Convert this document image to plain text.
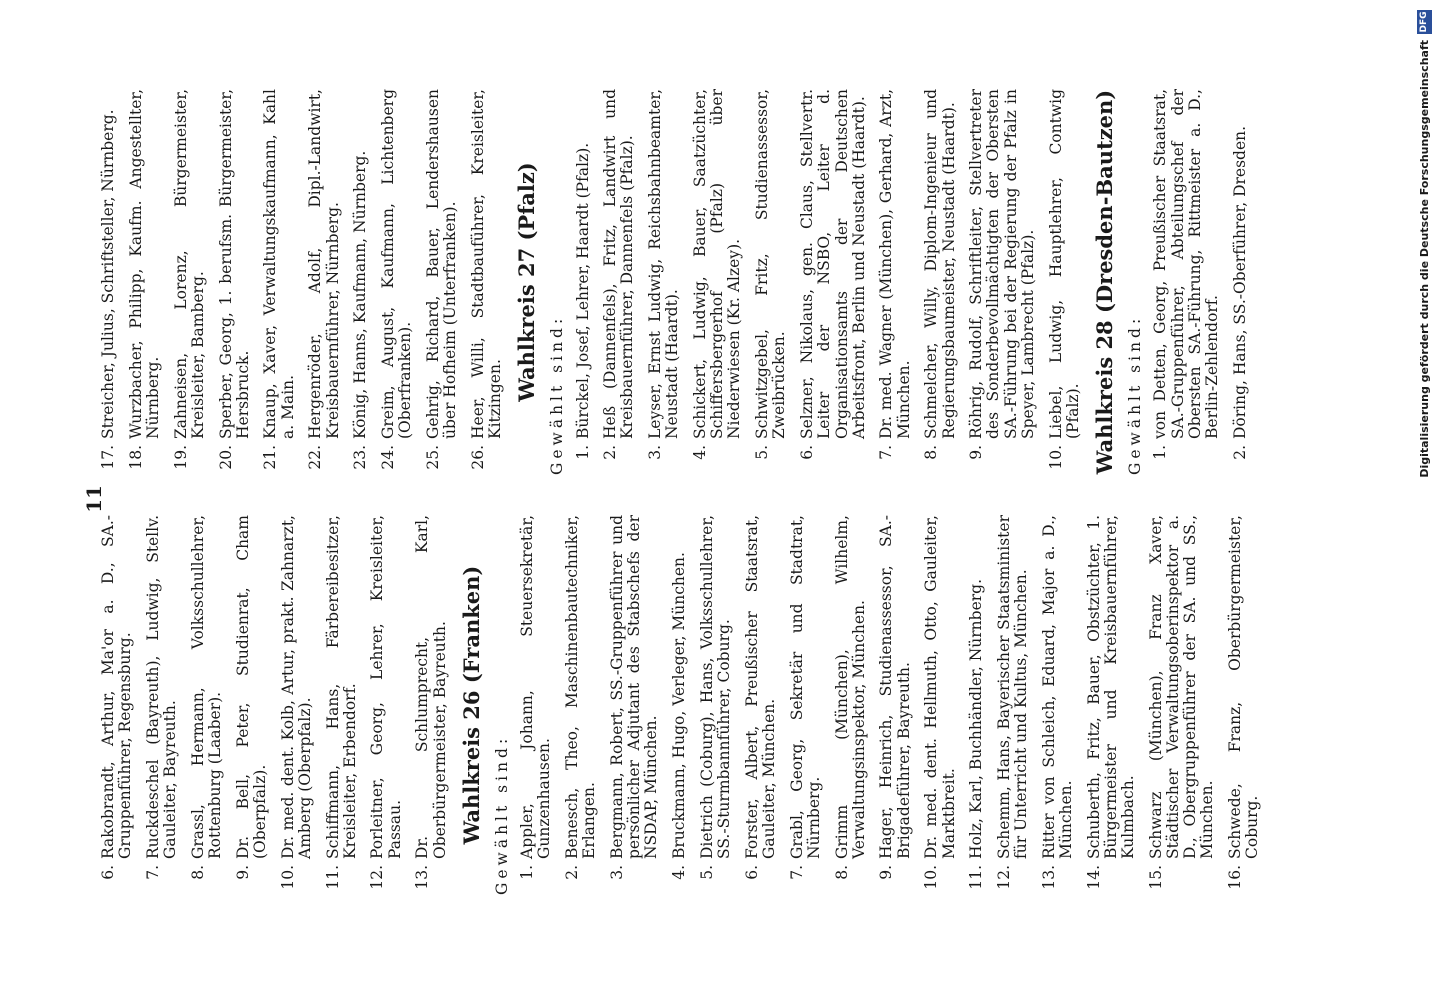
11
6.
Rakobrandt, Arthur, Ma'or a. D., SA.-Gruppenführer, Regensburg.
7.
Ruckdeschel (Bayreuth), Ludwig, Stellv. Gauleiter, Bayreuth.
8.
Grassl, Hermann, Volksschullehrer, Rottenburg (Laaber).
9.
Dr. Bell, Peter, Studienrat, Cham (Oberpfalz).
10.
Dr. med. dent. Kolb, Artur, prakt. Zahnarzt, Amberg (Oberpfalz).
11.
Schiffmann, Hans, Färbereibesitzer, Kreisleiter, Erbendorf.
12.
Porleitner, Georg, Lehrer, Kreisleiter, Passau.
13.
Dr. Schlumprecht, Karl, Oberbürgermeister, Bayreuth. Wahlkreis 26 (Franken) Gewählt sind: 1.
Appler, Johann, Steuersekretär, Gunzenhausen.
2.
Benesch, Theo, Maschinenbautechniker, Erlangen.
3.
Bergmann, Robert, SS.-Gruppenführer und persönlicher Adjutant des Stabschefs der NSDAP, München.
4.
Bruckmann, Hugo, Verleger, München.
5.
Dietrich (Coburg), Hans, Volksschullehrer, SS.-Sturmbannführer, Coburg.
6.
Forster, Albert, Preußischer Staatsrat, Gauleiter, München.
7.
Grabl, Georg, Sekretär und Stadtrat, Nürnberg.
8.
Grimm (München), Wilhelm, Verwaltungsinspektor, München.
9.
Hager, Heinrich, Studienassessor, SA.-Brigadeführer, Bayreuth.
10.
Dr. med. dent. Hellmuth, Otto, Gauleiter, Marktbreit.
11.
Holz, Karl, Buchhändler, Nürnberg.
12.
Schemm, Hans, Bayerischer Staatsminister für Unterricht und Kultus, München.
13.
Ritter von Schleich, Eduard, Major a. D., München.
14.
Schuberth, Fritz, Bauer, Obstzüchter, 1. Bürgermeister und Kreisbauernführer, Kulmbach.
15.
Schwarz (München), Franz Xaver, Städtischer Verwaltungsoberinspektor a. D., Obergruppenführer der SA. und SS., München.
16.
Schwede, Franz, Oberbürgermeister, Coburg.
17.
Streicher, Julius, Schriftsteller, Nürnberg.
18.
Wurzbacher, Philipp, Kaufm. Angestellter, Nürnberg.
19.
Zahneisen, Lorenz, Bürgermeister, Kreisleiter, Bamberg.
20.
Sperber, Georg, 1. berufsm. Bürgermeister, Hersbruck.
21.
Knaup, Xaver, Verwaltungskaufmann, Kahl a. Main.
22.
Hergenröder, Adolf, Dipl.-Landwirt, Kreisbauernführer, Nürnberg.
23.
König, Hanns, Kaufmann, Nürnberg.
24.
Greim, August, Kaufmann, Lichtenberg (Oberfranken).
25.
Gehrig, Richard, Bauer, Lendershausen über Hofheim (Unterfranken).
26.
Heer, Willi, Stadtbauführer, Kreisleiter, Kitzingen. Wahlkreis 27 (Pfalz) Gewählt sind: 1.
Bürckel, Josef, Lehrer, Haardt (Pfalz).
2.
Heß (Dannenfels), Fritz, Landwirt und Kreisbauernführer, Dannenfels (Pfalz).
3.
Leyser, Ernst Ludwig, Reichsbahnbeamter, Neustadt (Haardt).
4.
Schickert, Ludwig, Bauer, Saatzüchter, Schiffersbergerhof (Pfalz) über Niederwiesen (Kr. Alzey).
5.
Schwitzgebel, Fritz, Studienassessor, Zweibrücken.
6.
Selzner, Nikolaus, gen. Claus, Stellvertr. Leiter der NSBO, Leiter d. Organisationsamts der Deutschen Arbeitsfront, Berlin und Neustadt (Haardt).
7.
Dr. med. Wagner (München), Gerhard, Arzt, München.
8.
Schmelcher, Willy, Diplom-Ingenieur und Regierungsbaumeister, Neustadt (Haardt).
9.
Röhrig, Rudolf, Schriftleiter, Stellvertreter des Sonderbevollmächtigten der Obersten SA.-Führung bei der Regierung der Pfalz in Speyer, Lambrecht (Pfalz).
10.
Liebel, Ludwig, Hauptlehrer, Contwig (Pfalz). Wahlkreis 28 (Dresden-Bautzen) Gewählt sind: 1.
von Detten, Georg, Preußischer Staatsrat, SA.-Gruppenführer, Abteilungschef der Obersten SA.-Führung, Rittmeister a. D., Berlin-Zehlendorf.
2.
Döring, Hans, SS.-Oberführer, Dresden.	Digitalisierung gefördert durch die Deutsche Forschungsgemeinschaft
DFG
